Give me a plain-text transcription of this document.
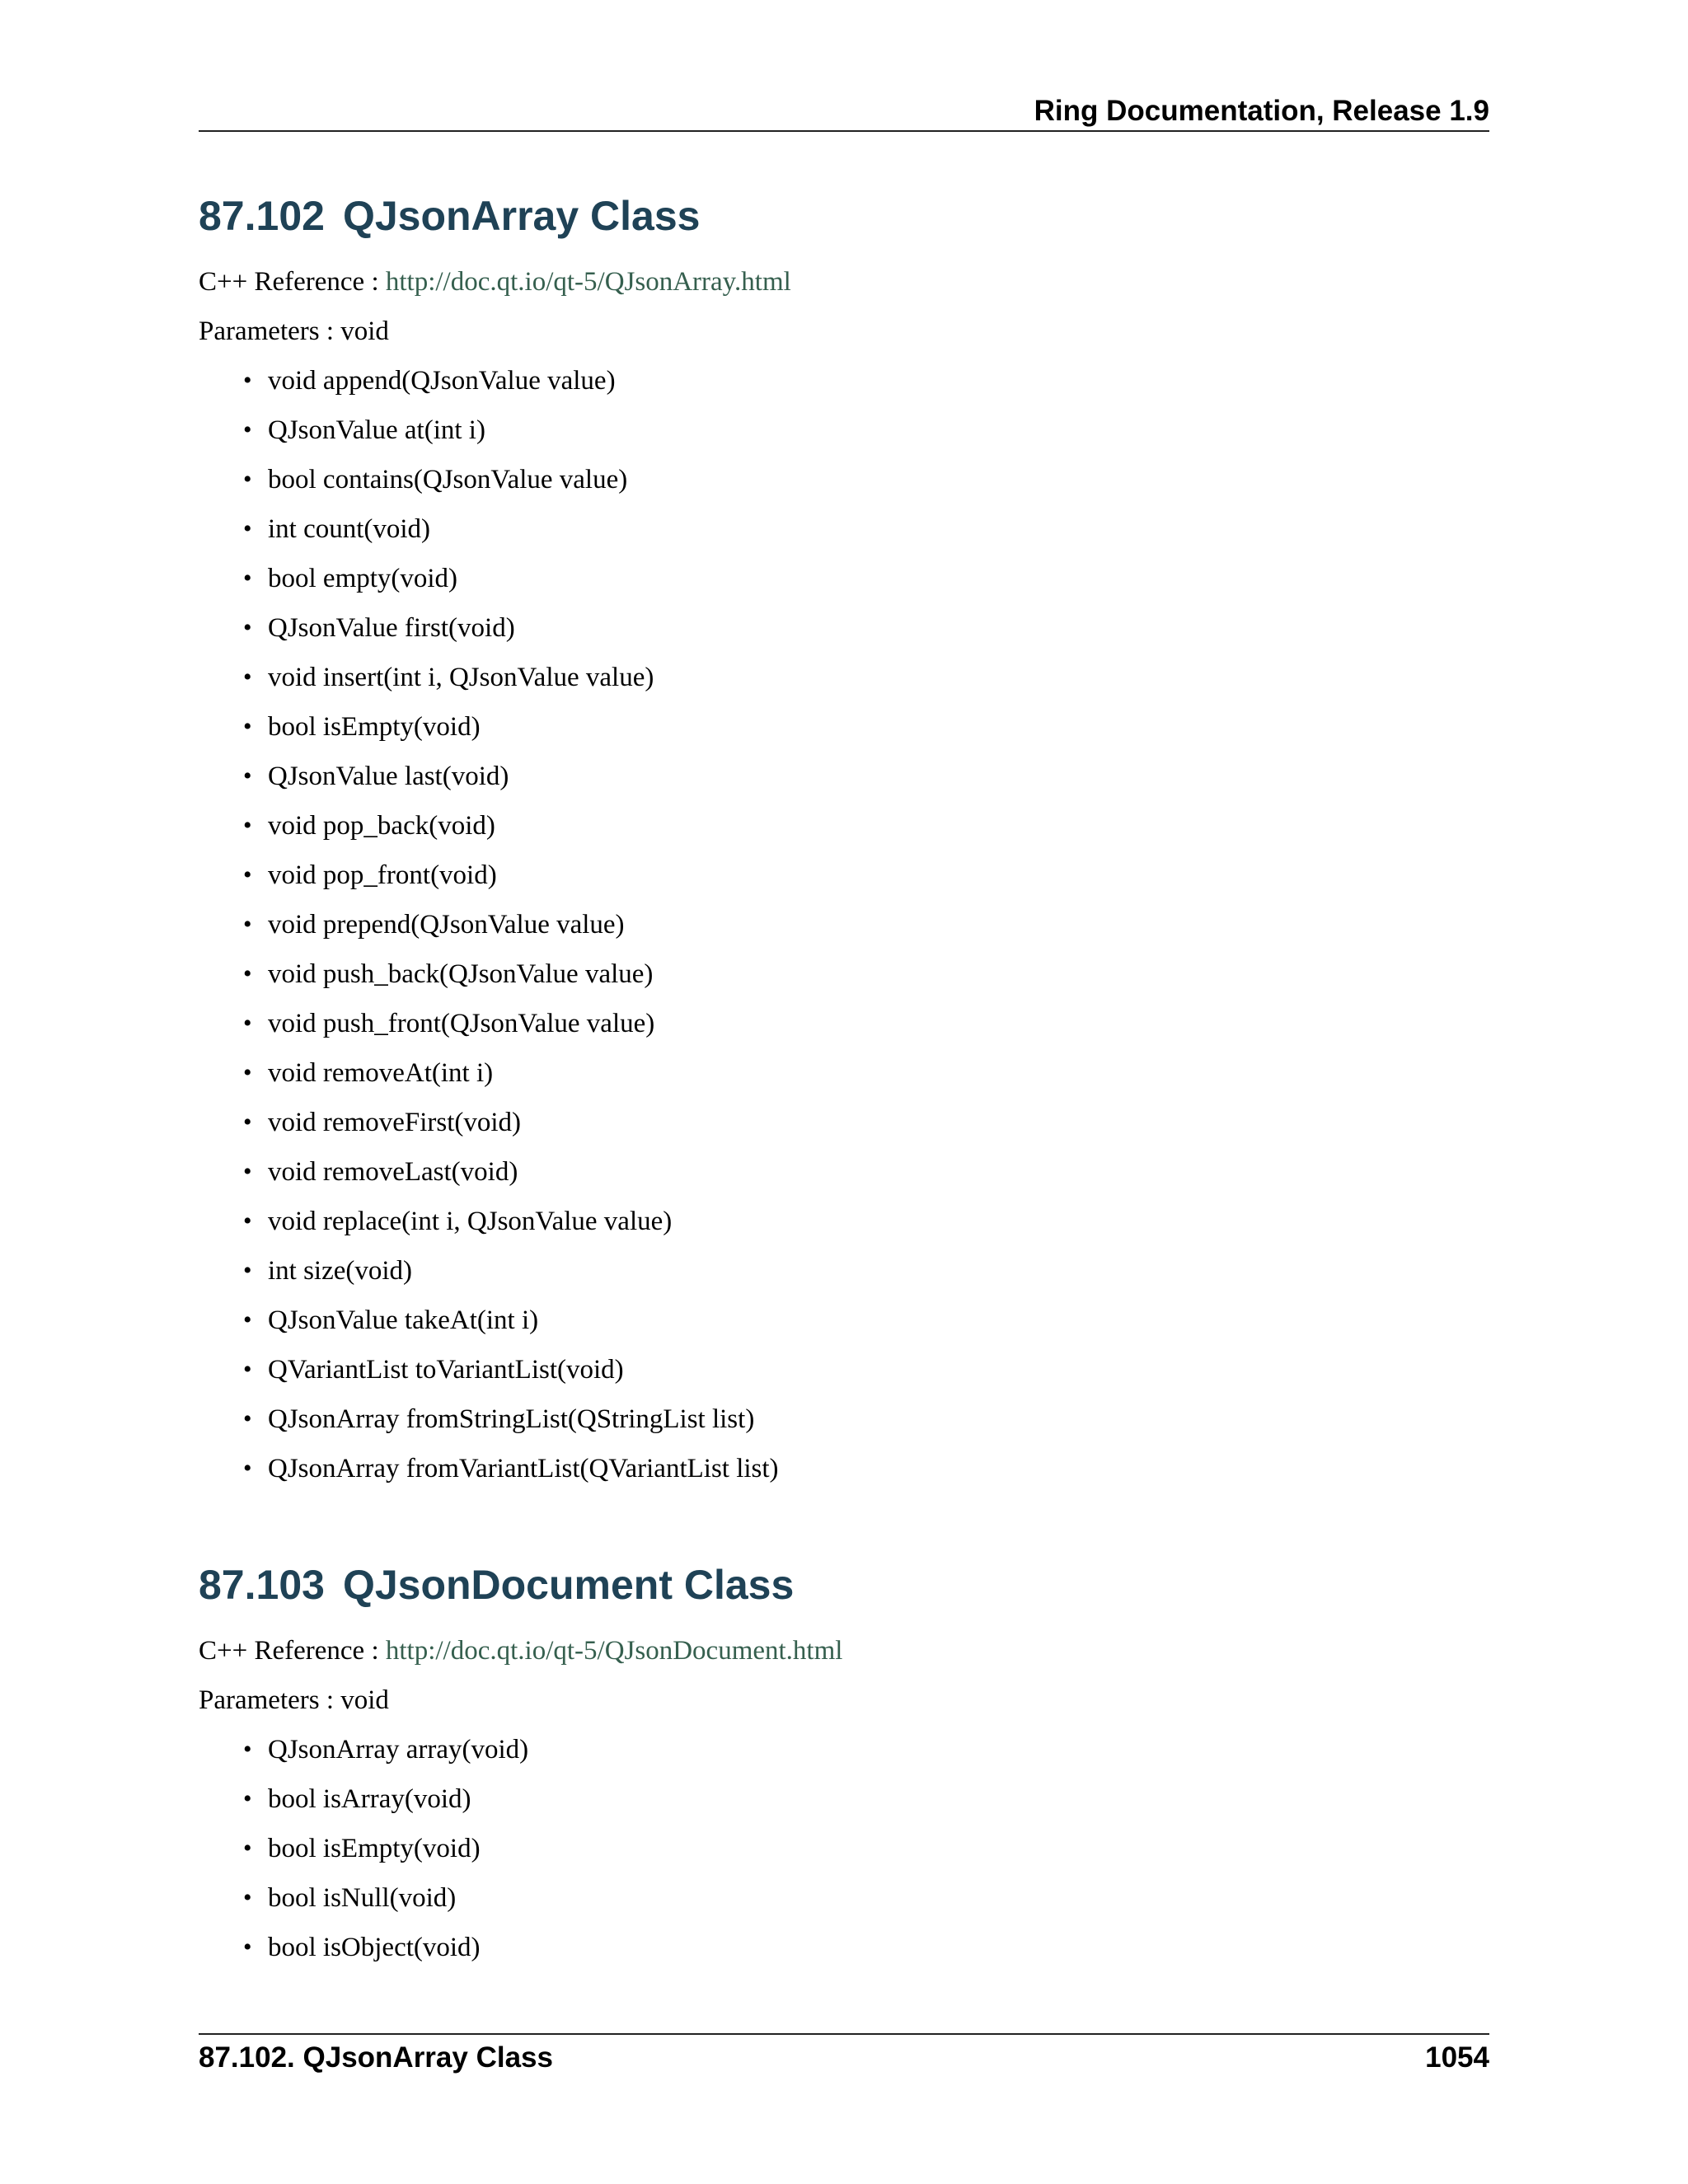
Ring Documentation, Release 1.9
87.102 QJsonArray Class
C++ Reference : http://doc.qt.io/qt-5/QJsonArray.html
Parameters : void
• void append(QJsonValue value)
• QJsonValue at(int i)
• bool contains(QJsonValue value)
• int count(void)
• bool empty(void)
• QJsonValue first(void)
• void insert(int i, QJsonValue value)
• bool isEmpty(void)
• QJsonValue last(void)
• void pop_back(void)
• void pop_front(void)
• void prepend(QJsonValue value)
• void push_back(QJsonValue value)
• void push_front(QJsonValue value)
• void removeAt(int i)
• void removeFirst(void)
• void removeLast(void)
• void replace(int i, QJsonValue value)
• int size(void)
• QJsonValue takeAt(int i)
• QVariantList toVariantList(void)
• QJsonArray fromStringList(QStringList list)
• QJsonArray fromVariantList(QVariantList list)
87.103 QJsonDocument Class
C++ Reference : http://doc.qt.io/qt-5/QJsonDocument.html
Parameters : void
• QJsonArray array(void)
• bool isArray(void)
• bool isEmpty(void)
• bool isNull(void)
• bool isObject(void)
87.102. QJsonArray Class	1054
